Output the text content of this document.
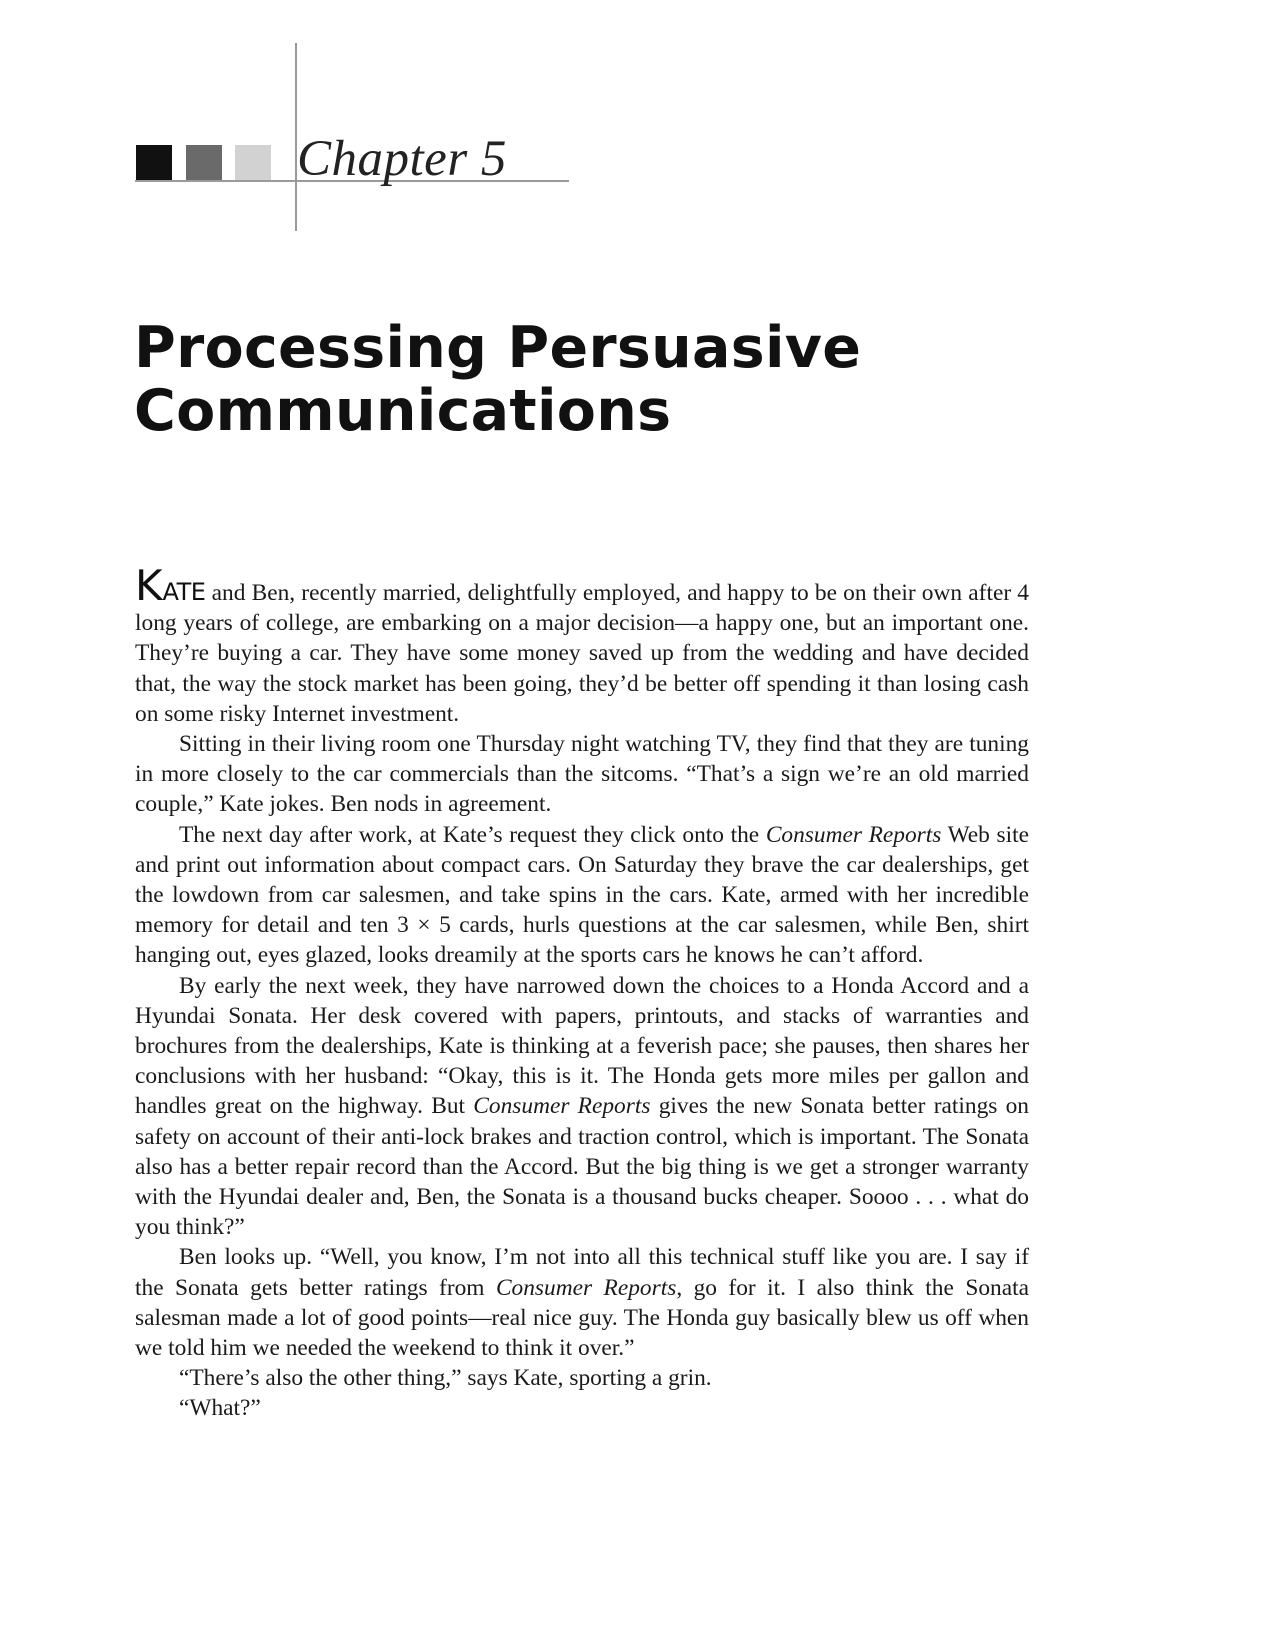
Chapter 5
Processing Persuasive
Communications

KATE and Ben, recently married, delightfully employed, and happy to be on their own after 4 long years of college, are embarking on a major decision—a happy one, but an important one. They’re buying a car. They have some money saved up from the wedding and have decided that, the way the stock market has been going, they’d be better off spending it than losing cash on some risky Internet investment.

Sitting in their living room one Thursday night watching TV, they find that they are tuning in more closely to the car commercials than the sitcoms. “That’s a sign we’re an old married couple,” Kate jokes. Ben nods in agreement.

The next day after work, at Kate’s request they click onto the Consumer Reports Web site and print out information about compact cars. On Saturday they brave the car dealerships, get the lowdown from car salesmen, and take spins in the cars. Kate, armed with her incredible memory for detail and ten 3 × 5 cards, hurls questions at the car salesmen, while Ben, shirt hanging out, eyes glazed, looks dreamily at the sports cars he knows he can’t afford.

By early the next week, they have narrowed down the choices to a Honda Accord and a Hyundai Sonata. Her desk covered with papers, printouts, and stacks of warranties and brochures from the dealerships, Kate is thinking at a feverish pace; she pauses, then shares her conclusions with her husband: “Okay, this is it. The Honda gets more miles per gallon and handles great on the highway. But Consumer Reports gives the new Sonata better ratings on safety on account of their anti-lock brakes and traction control, which is important. The Sonata also has a better repair record than the Accord. But the big thing is we get a stronger warranty with the Hyundai dealer and, Ben, the Sonata is a thousand bucks cheaper. Soooo . . . what do you think?”

Ben looks up. “Well, you know, I’m not into all this technical stuff like you are. I say if the Sonata gets better ratings from Consumer Reports, go for it. I also think the Sonata salesman made a lot of good points—real nice guy. The Honda guy basically blew us off when we told him we needed the weekend to think it over.”

“There’s also the other thing,” says Kate, sporting a grin.

“What?”
